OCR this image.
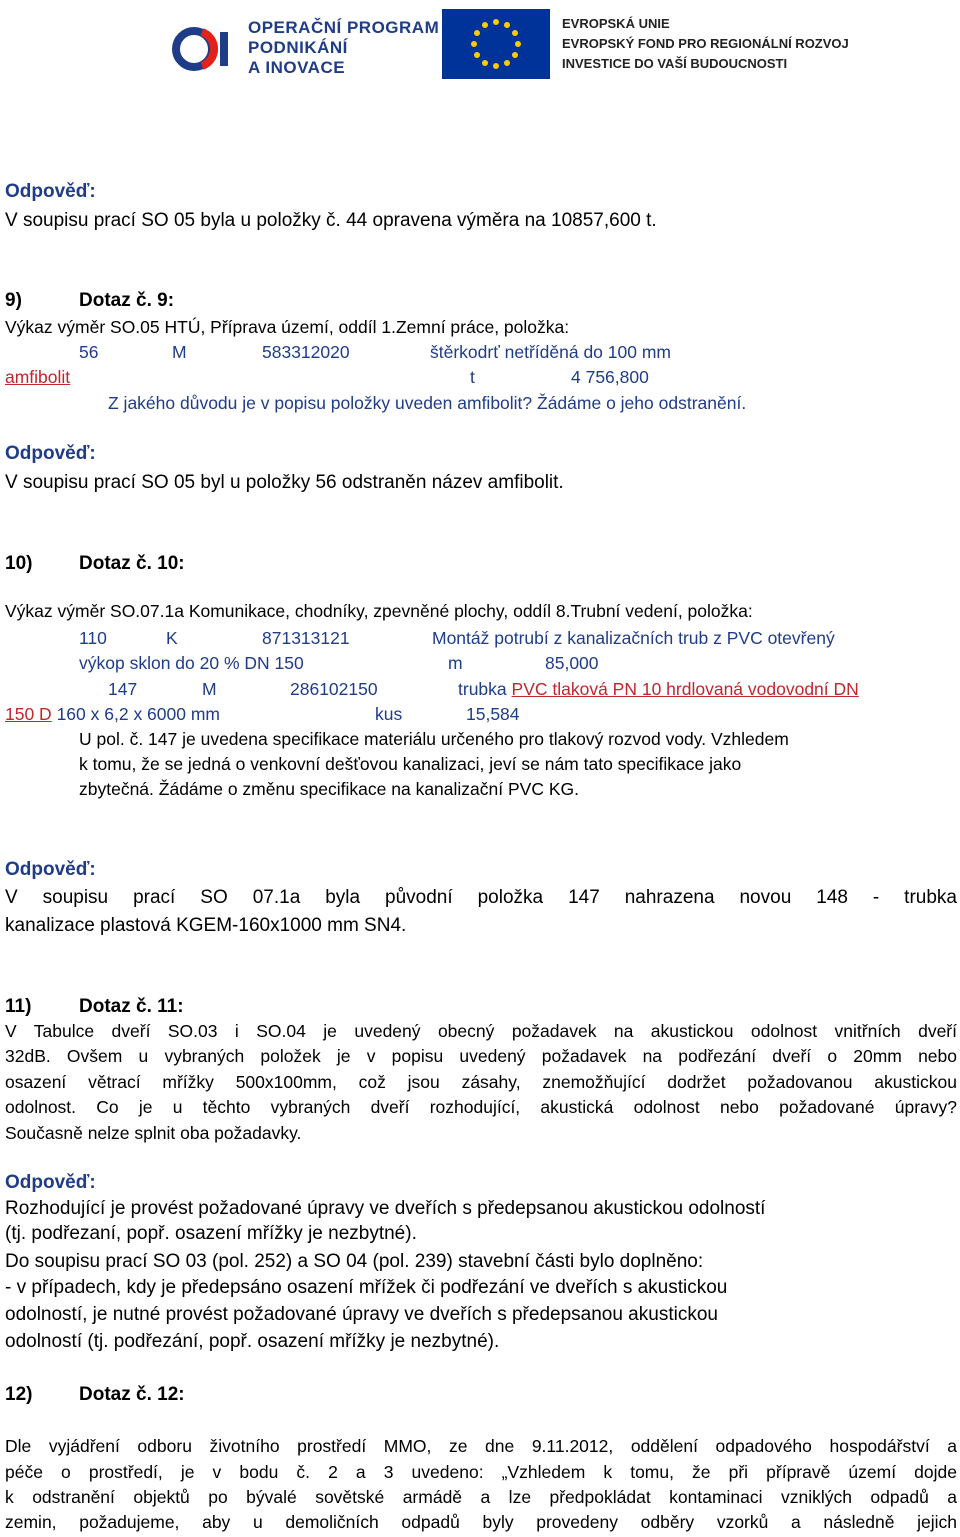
OPERAČNÍ PROGRAM
PODNIKÁNÍ
A INOVACE
EVROPSKÁ UNIE
EVROPSKÝ FOND PRO REGIONÁLNÍ ROZVOJ
INVESTICE DO VAŠÍ BUDOUCNOSTI
Odpověď:
V soupisu prací SO 05 byla u položky č. 44 opravena výměra na 10857,600 t.
9)	Dotaz č. 9:
Výkaz výměr SO.05 HTÚ, Příprava území, oddíl 1.Zemní práce, položka:
56	M	583312020	štěrkodrť netříděná do 100 mm
amfibolit	t	4 756,800
Z jakého důvodu je v popisu položky uveden amfibolit? Žádáme o jeho odstranění.
Odpověď:
V soupisu prací SO 05 byl u položky 56 odstraněn název amfibolit.
10) Dotaz č. 10:
Výkaz výměr SO.07.1a Komunikace, chodníky, zpevněné plochy, oddíl 8.Trubní vedení, položka:
110	K	871313121	Montáž potrubí z kanalizačních trub z PVC otevřený
výkop sklon do 20 % DN 150	m	85,000
147	M	286102150	trubka PVC tlaková PN 10 hrdlovaná vodovodní DN
150 D 160 x 6,2 x 6000 mm	kus	15,584
U pol. č. 147 je uvedena specifikace materiálu určeného pro tlakový rozvod vody. Vzhledem
k tomu, že se jedná o venkovní dešťovou kanalizaci, jeví se nám tato specifikace jako
zbytečná. Žádáme o změnu specifikace na kanalizační PVC KG.
Odpověď:
V soupisu prací SO 07.1a byla původní položka 147 nahrazena novou 148 - trubka
kanalizace plastová KGEM-160x1000 mm SN4.
11)	Dotaz č. 11:
V Tabulce dveří SO.03 i SO.04 je uvedený obecný požadavek na akustickou odolnost vnitřních dveří
32dB. Ovšem u vybraných položek je v popisu uvedený požadavek na podřezání dveří o 20mm nebo
osazení větrací mřížky 500x100mm, což jsou zásahy, znemožňující dodržet požadovanou akustickou
odolnost. Co je u těchto vybraných dveří rozhodující, akustická odolnost nebo požadované úpravy?
Současně nelze splnit oba požadavky.
Odpověď:
Rozhodující je provést požadované úpravy ve dveřích s předepsanou akustickou odolností
(tj. podřezaní, popř. osazení mřížky je nezbytné).
Do soupisu prací SO 03 (pol. 252) a SO 04 (pol. 239) stavební části bylo doplněno:
- v případech, kdy je předepsáno osazení mřížek či podřezání ve dveřích s akustickou
odolností, je nutné provést požadované úpravy ve dveřích s předepsanou akustickou
odolností (tj. podřezání, popř. osazení mřížky je nezbytné).
12) Dotaz č. 12:
Dle vyjádření odboru životního prostředí MMO, ze dne 9.11.2012, oddělení odpadového hospodářství a
péče o prostředí, je v bodu č. 2 a 3 uvedeno: „Vzhledem k tomu, že při přípravě území dojde
k odstranění objektů po bývalé sovětské armádě a lze předpokládat kontaminaci vzniklých odpadů a
zemin, požadujeme, aby u demoličních odpadů byly provedeny odběry vzorků a následně jejich
